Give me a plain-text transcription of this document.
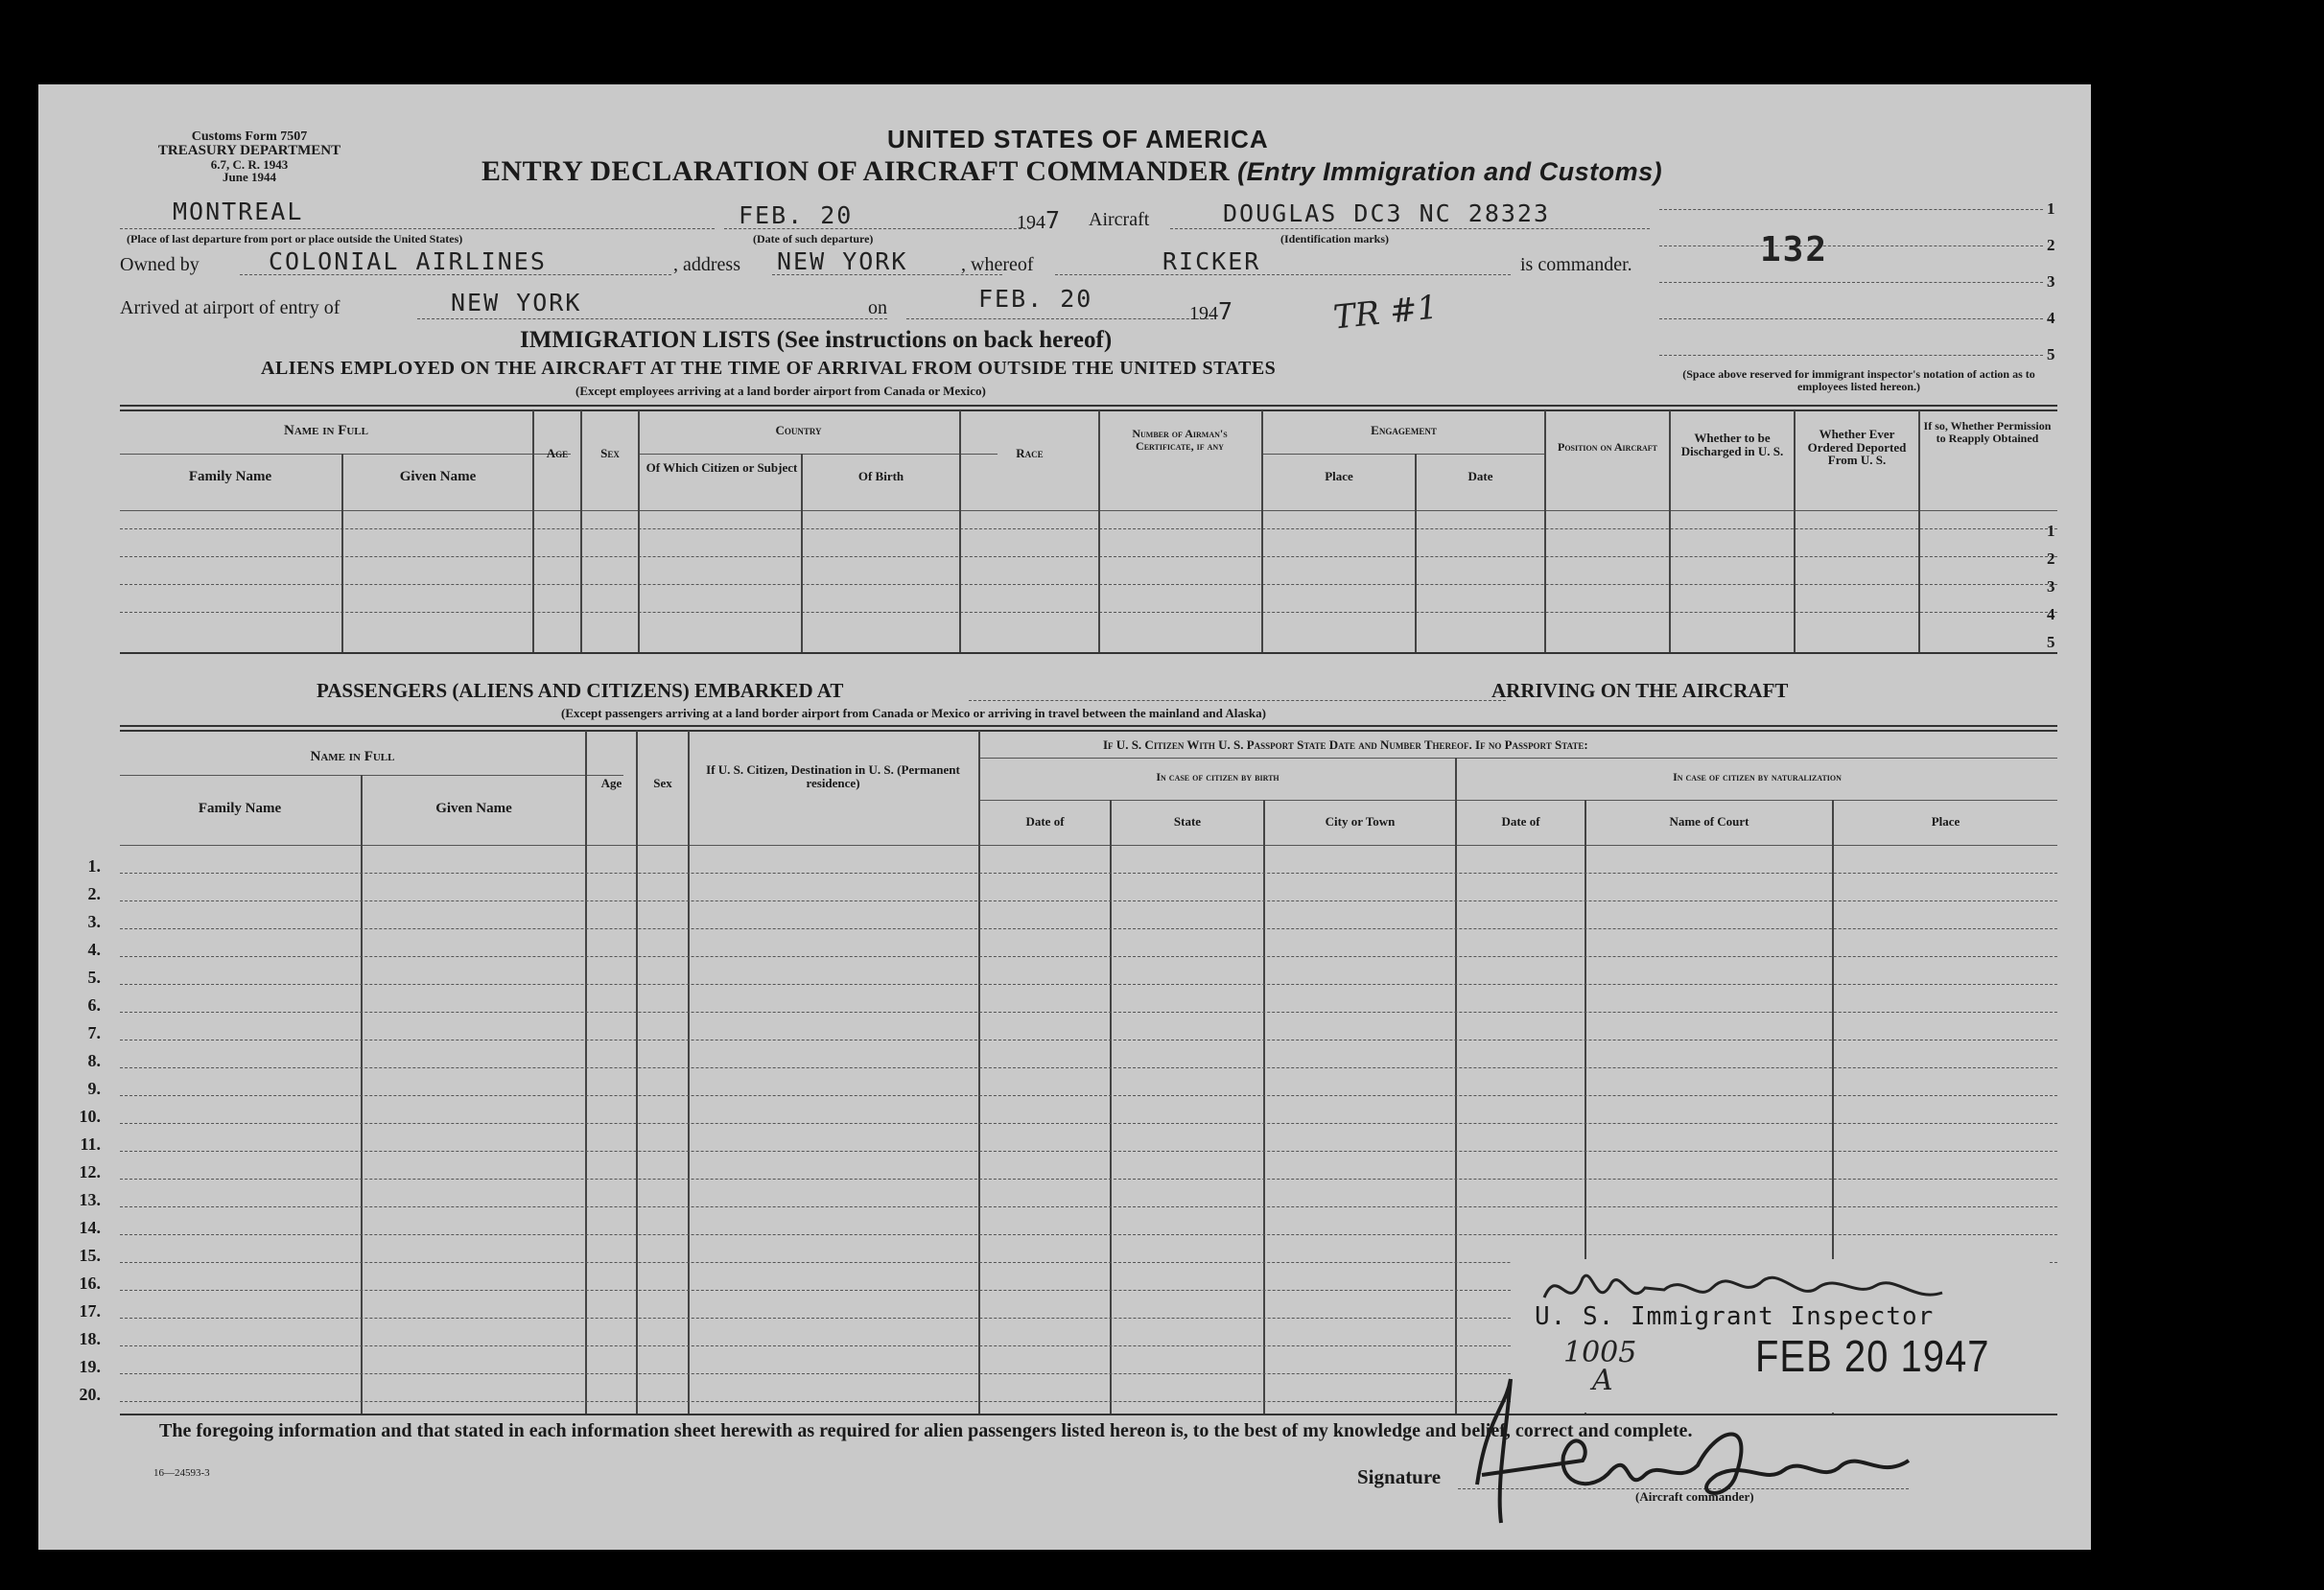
Customs Form 7507
TREASURY DEPARTMENT
6.7, C. R. 1943
June 1944
UNITED STATES OF AMERICA
ENTRY DECLARATION OF AIRCRAFT COMMANDER (Entry Immigration and Customs)
MONTREAL
(Place of last departure from port or place outside the United States)
FEB. 20
(Date of such departure)
1947 Aircraft	DOUGLAS DC3 NC 28323
(Identification marks)
1
2
3
4
5
132
(Space above reserved for immigrant inspector's notation of action as to employees listed hereon.)
Owned by	COLONIAL AIRLINES	, address NEW YORK	, whereof	RICKER	is commander.
Arrived at airport of entry of	NEW YORK	on	FEB. 20
1947	TR #1
IMMIGRATION LISTS (See instructions on back hereof)
ALIENS EMPLOYED ON THE AIRCRAFT AT THE TIME OF ARRIVAL FROM OUTSIDE THE UNITED STATES
(Except employees arriving at a land border airport from Canada or Mexico)
Name in Full
Family Name	Given Name
Age	Sex
Country
Of Which Citizen or Subject
Of Birth
Race
Number of Airman's Certificate, if any
Engagement
Place	Date
Position on Aircraft
Whether to be Discharged in U. S.
Whether Ever Ordered Deported From U. S.
If so, Whether Permission to Reapply Obtained
1
2
3
4
5
PASSENGERS (ALIENS AND CITIZENS) EMBARKED AT	ARRIVING ON THE AIRCRAFT
(Except passengers arriving at a land border airport from Canada or Mexico or arriving in travel between the mainland and Alaska)
Name in Full
Family Name	Given Name
Age	Sex
If U. S. Citizen, Destination in U. S. (Permanent residence)
If U. S. Citizen With U. S. Passport State Date and Number Thereof. If no Passport State:
In case of citizen by birth	In case of citizen by naturalization
Date of	State	City or Town	Date of	Name of Court	Place
1.
2.
3.
4.
5.
6.
7.
8.
9.
10.
11.
12.
13.
14.
15.
16.
17.
18.
19.
20.
U. S. Immigrant Inspector
FEB 20 1947
1005
A
The foregoing information and that stated in each information sheet herewith as required for alien passengers listed hereon is, to the best of my knowledge and belief, correct and complete.
16—24593-3	Signature
(Aircraft commander)
